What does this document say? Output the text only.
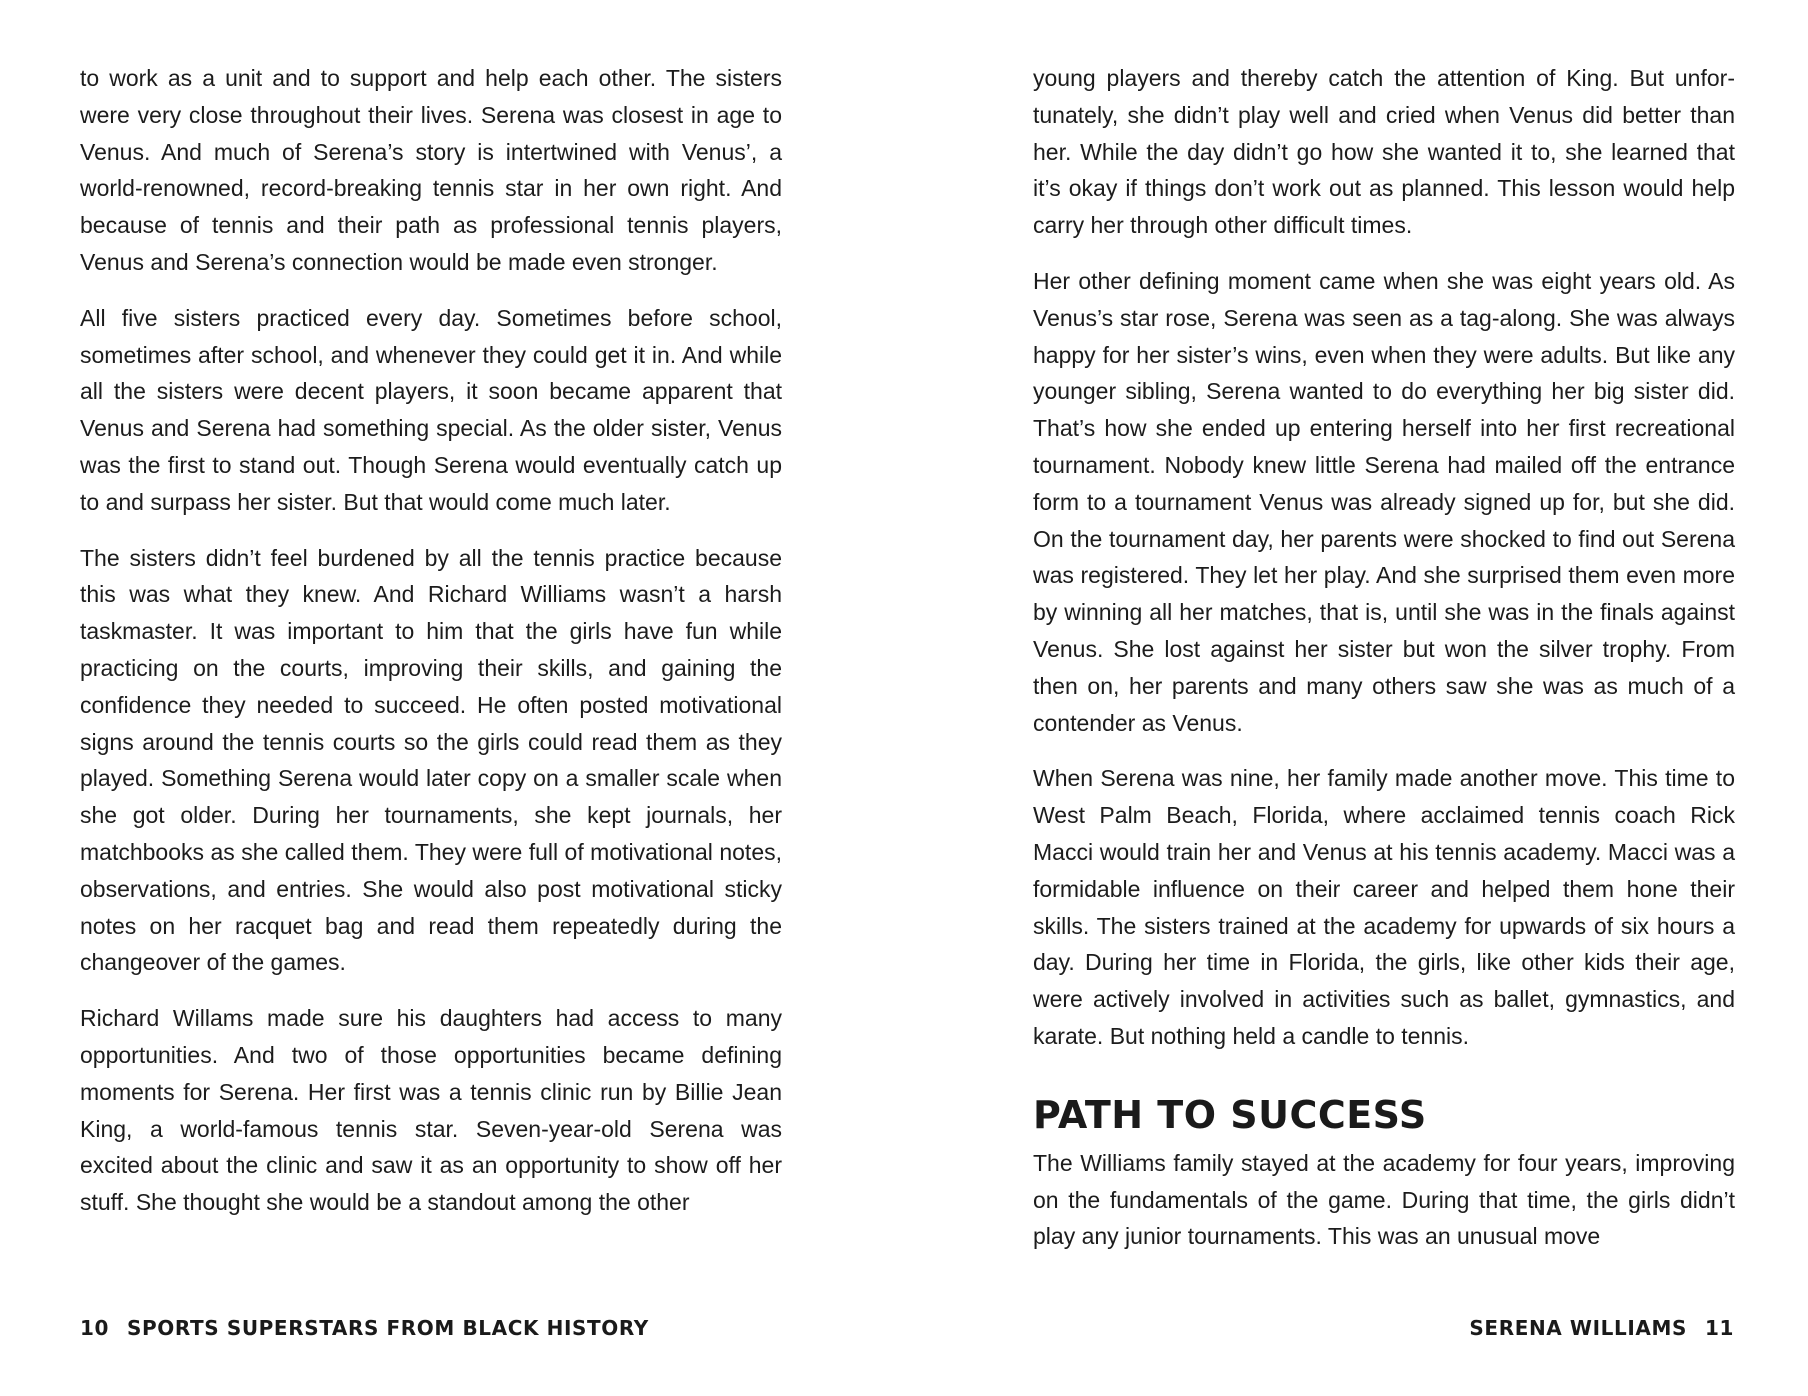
to work as a unit and to support and help each other. The sisters were very close throughout their lives. Serena was closest in age to Venus. And much of Serena’s story is intertwined with Venus’, a world-renowned, record-breaking tennis star in her own right. And because of tennis and their path as professional tennis players, Venus and Serena’s connection would be made even stronger.

All five sisters practiced every day. Sometimes before school, sometimes after school, and whenever they could get it in. And while all the sisters were decent players, it soon became apparent that Venus and Serena had something special. As the older sister, Venus was the first to stand out. Though Serena would eventually catch up to and surpass her sister. But that would come much later.

The sisters didn’t feel burdened by all the tennis practice because this was what they knew. And Richard Williams wasn’t a harsh taskmaster. It was important to him that the girls have fun while practicing on the courts, improving their skills, and gaining the confidence they needed to succeed. He often posted motivational signs around the tennis courts so the girls could read them as they played. Something Serena would later copy on a smaller scale when she got older. During her tournaments, she kept journals, her matchbooks as she called them. They were full of motivational notes, observations, and entries. She would also post motivational sticky notes on her racquet bag and read them repeatedly during the changeover of the games.

Richard Willams made sure his daughters had access to many opportunities. And two of those opportunities became defining moments for Serena. Her first was a tennis clinic run by Billie Jean King, a world-famous tennis star. Seven-year-old Serena was excited about the clinic and saw it as an opportunity to show off her stuff. She thought she would be a standout among the other

young players and thereby catch the attention of King. But unfortunately, she didn’t play well and cried when Venus did better than her. While the day didn’t go how she wanted it to, she learned that it’s okay if things don’t work out as planned. This lesson would help carry her through other difficult times.

Her other defining moment came when she was eight years old. As Venus’s star rose, Serena was seen as a tag-along. She was always happy for her sister’s wins, even when they were adults. But like any younger sibling, Serena wanted to do everything her big sister did. That’s how she ended up entering herself into her first recreational tournament. Nobody knew little Serena had mailed off the entrance form to a tournament Venus was already signed up for, but she did. On the tournament day, her parents were shocked to find out Serena was registered. They let her play. And she surprised them even more by winning all her matches, that is, until she was in the finals against Venus. She lost against her sister but won the silver trophy. From then on, her parents and many others saw she was as much of a contender as Venus.

When Serena was nine, her family made another move. This time to West Palm Beach, Florida, where acclaimed tennis coach Rick Macci would train her and Venus at his tennis academy. Macci was a formidable influence on their career and helped them hone their skills. The sisters trained at the academy for upwards of six hours a day. During her time in Florida, the girls, like other kids their age, were actively involved in activities such as ballet, gymnastics, and karate. But nothing held a candle to tennis.

PATH TO SUCCESS

The Williams family stayed at the academy for four years, improving on the fundamentals of the game. During that time, the girls didn’t play any junior tournaments. This was an unusual move

10 SPORTS SUPERSTARS FROM BLACK HISTORY	SERENA WILLIAMS 11
